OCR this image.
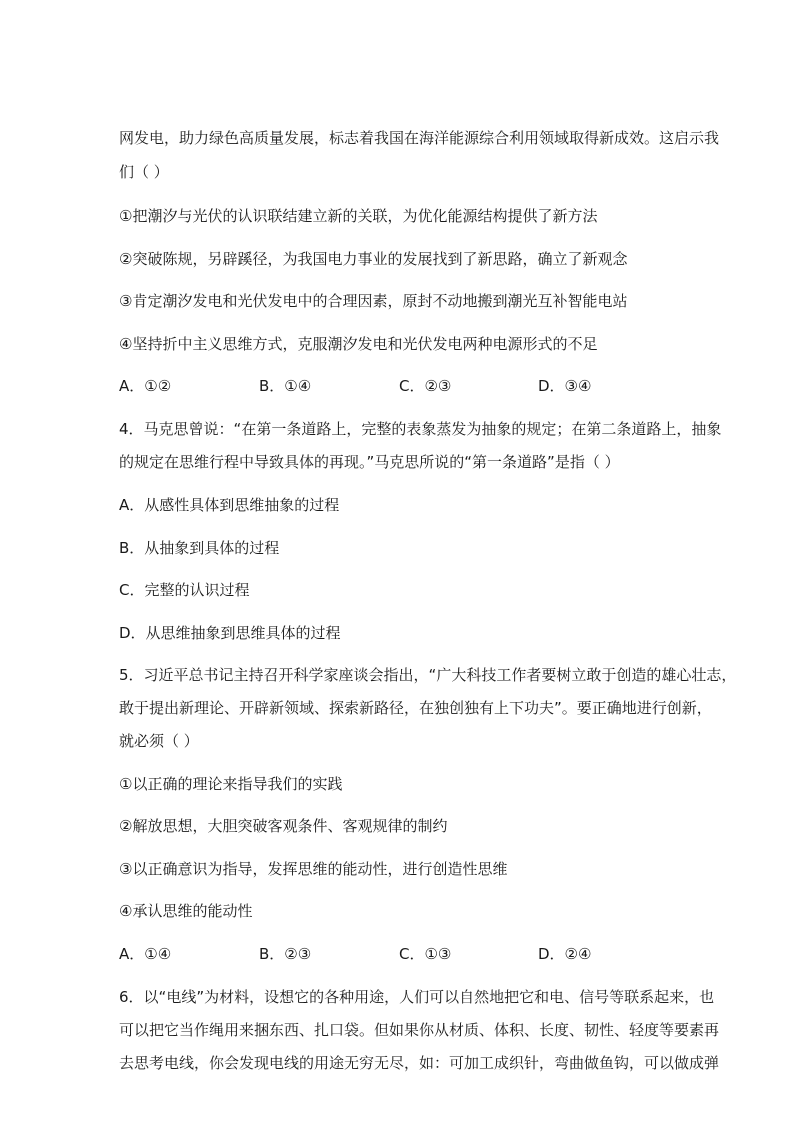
网发电，助力绿色高质量发展，标志着我国在海洋能源综合利用领域取得新成效。这启示我
们（ ）
①把潮汐与光伏的认识联结建立新的关联，为优化能源结构提供了新方法
②突破陈规，另辟蹊径，为我国电力事业的发展找到了新思路，确立了新观念
③肯定潮汐发电和光伏发电中的合理因素，原封不动地搬到潮光互补智能电站
④坚持折中主义思维方式，克服潮汐发电和光伏发电两种电源形式的不足
A．①②	B．①④	C．②③	D．③④
4．马克思曾说：“在第一条道路上，完整的表象蒸发为抽象的规定；在第二条道路上，抽象
的规定在思维行程中导致具体的再现。”马克思所说的“第一条道路”是指（ ）
A．从感性具体到思维抽象的过程
B．从抽象到具体的过程
C．完整的认识过程
D．从思维抽象到思维具体的过程
5．习近平总书记主持召开科学家座谈会指出，“广大科技工作者要树立敢于创造的雄心壮志，
敢于提出新理论、开辟新领域、探索新路径，在独创独有上下功夫”。要正确地进行创新，
就必须（ ）
①以正确的理论来指导我们的实践
②解放思想，大胆突破客观条件、客观规律的制约
③以正确意识为指导，发挥思维的能动性，进行创造性思维
④承认思维的能动性
A．①④	B．②③	C．①③	D．②④
6．以“电线”为材料，设想它的各种用途，人们可以自然地把它和电、信号等联系起来，也
可以把它当作绳用来捆东西、扎口袋。但如果你从材质、体积、长度、韧性、轻度等要素再
去思考电线，你会发现电线的用途无穷无尽，如：可加工成织针，弯曲做鱼钩，可以做成弹
